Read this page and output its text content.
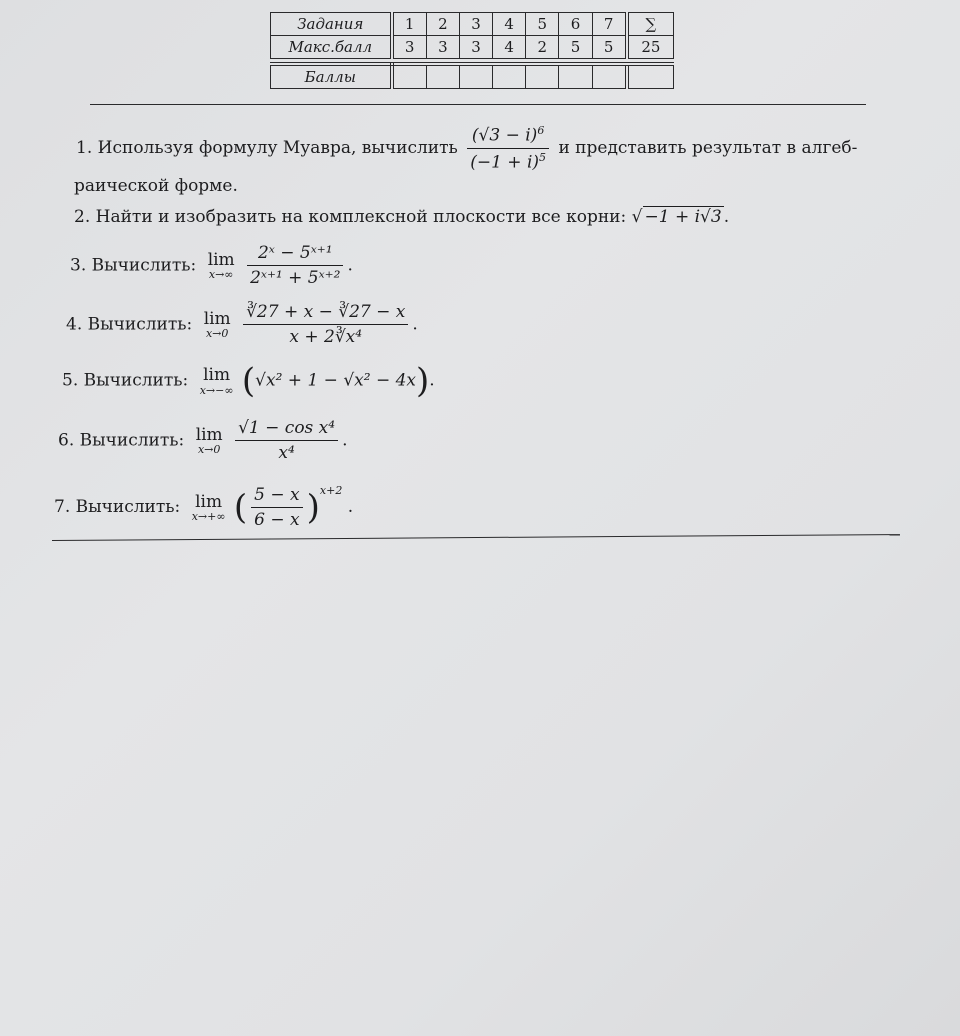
Задания	1	2	3	4	5	6	7	∑
Макс.балл	3	3	3	4	2	5	5	25

Баллы								
1. Используя формулу Муавра, вычислить $\frac{(√3 - i)^6}{(-1 + i)^5}$ и представить результат в алгеб-
раической форме.
2. Найти и изобразить на комплексной плоскости все корни: √ −1 + i√3 .
3. Вычислить: lim
x→∞
$\frac{\text{2ˣ − 5ˣ⁺¹}}{\text{2ˣ⁺¹ + 5ˣ⁺²}}$ .
4. Вычислить: lim
x→0
$\frac{∛27 + x - ∛27 - x}{\text{x + 2∛x⁴}}$ .
5. Вычислить: lim
x→−∞ (√x² + 1 − √x² − 4x).
6. Вычислить: lim
x→0
$\frac{\text{√1 − cos x⁴}}{\text{x⁴}}$ .
7. Вычислить: lim
x→+∞ ( $\frac{5 - x}{6 - x} )^{x+2}$ .
